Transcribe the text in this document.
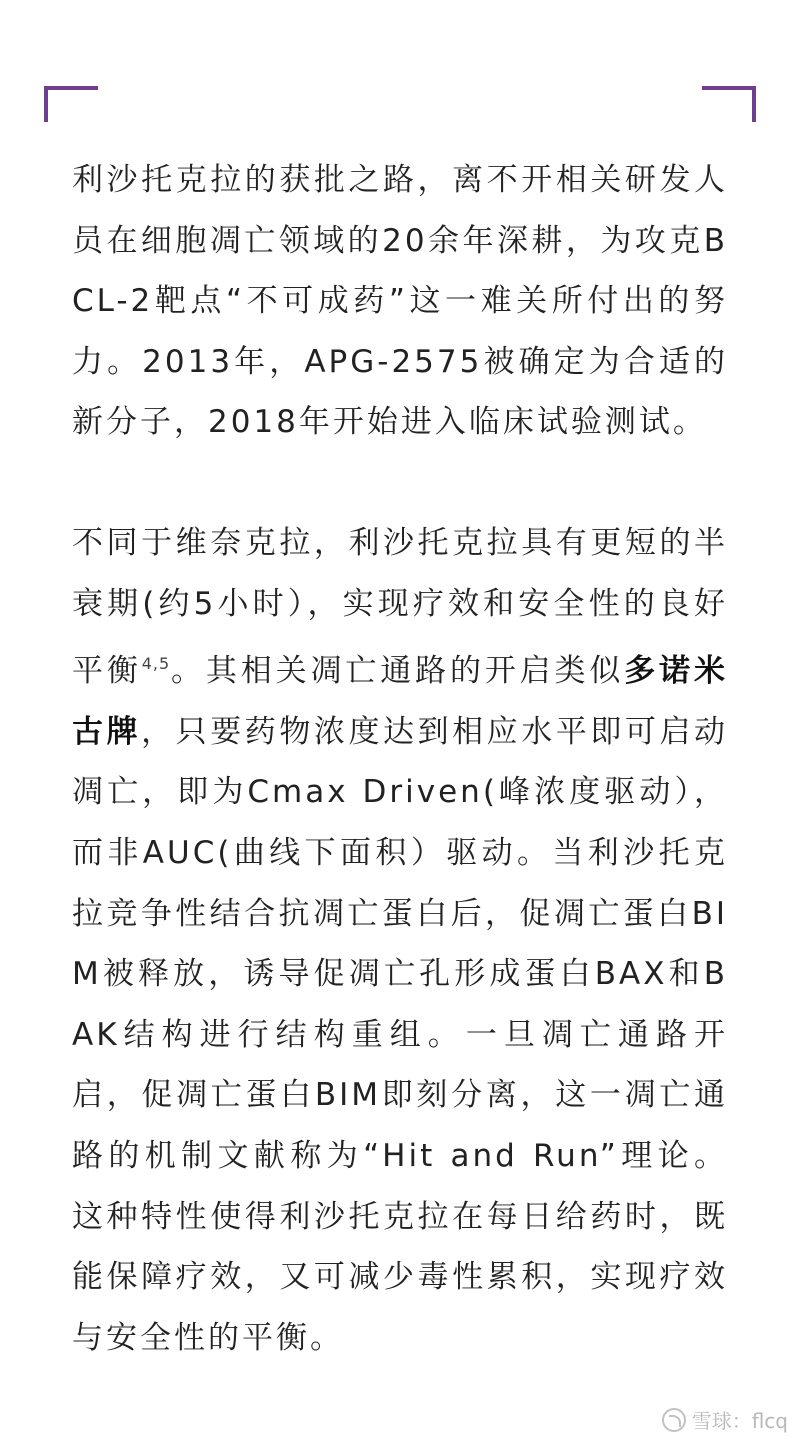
利沙托克拉的获批之路，离不开相关研发人员在细胞凋亡领域的20余年深耕，为攻克BCL-2靶点“不可成药”这一难关所付出的努力。2013年，APG-2575被确定为合适的新分子，2018年开始进入临床试验测试。

不同于维奈克拉，利沙托克拉具有更短的半衰期(约5小时），实现疗效和安全性的良好平衡$^{4,5}$。其相关凋亡通路的开启类似多诺米古牌，只要药物浓度达到相应水平即可启动凋亡，即为Cmax Driven(峰浓度驱动），而非AUC(曲线下面积）驱动。当利沙托克拉竞争性结合抗凋亡蛋白后，促凋亡蛋白BIM被释放，诱导促凋亡孔形成蛋白BAX和BAK结构进行结构重组。一旦凋亡通路开启，促凋亡蛋白BIM即刻分离，这一凋亡通路的机制文献称为“Hit and Run”理论。这种特性使得利沙托克拉在每日给药时，既能保障疗效，又可减少毒性累积，实现疗效与安全性的平衡。

雪球：flcq
